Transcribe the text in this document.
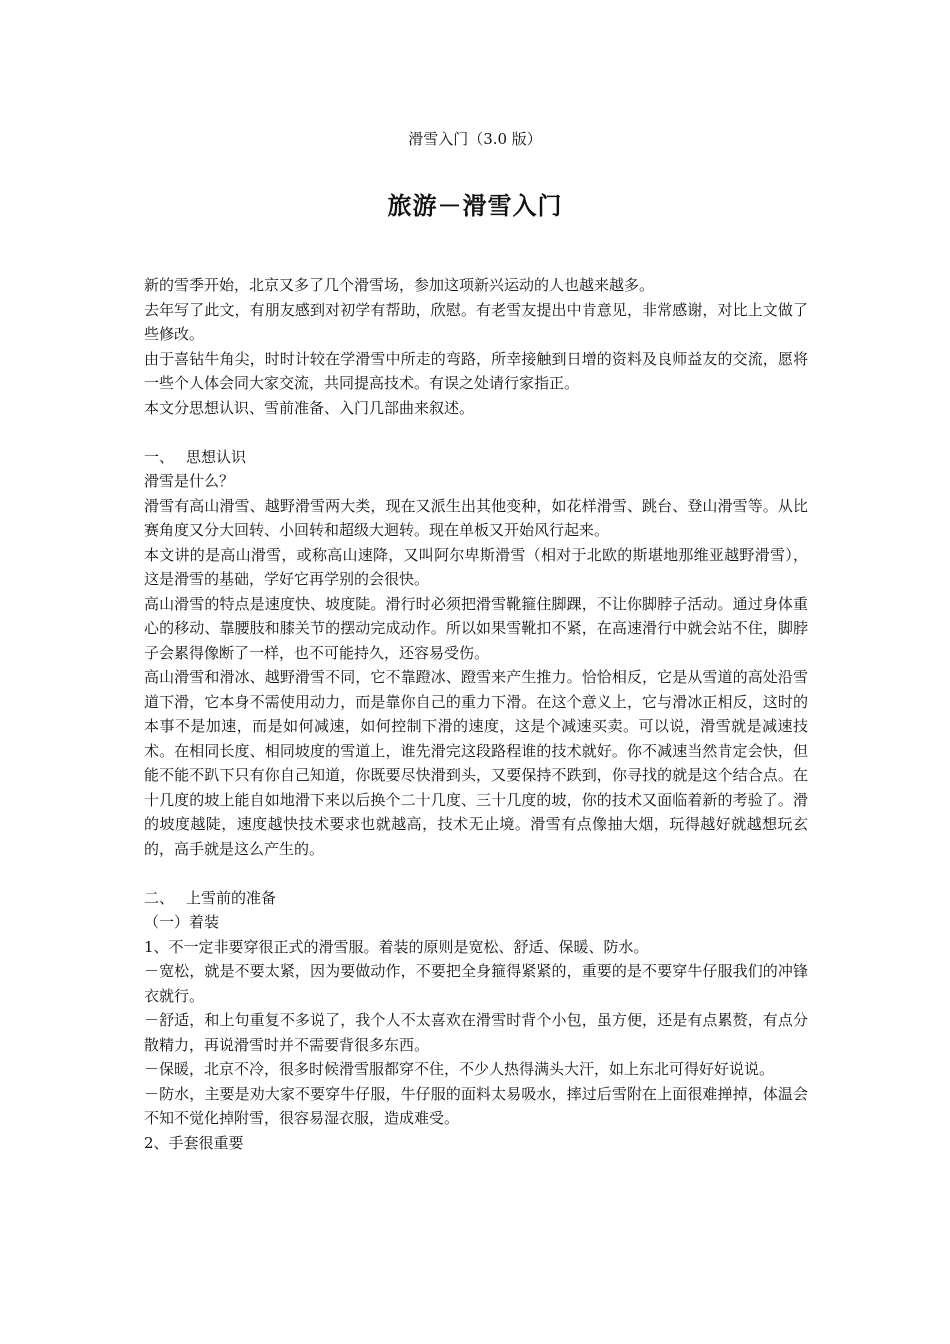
滑雪入门（3.0 版）
旅游－滑雪入门

新的雪季开始，北京又多了几个滑雪场，参加这项新兴运动的人也越来越多。

去年写了此文，有朋友感到对初学有帮助，欣慰。有老雪友提出中肯意见，非常感谢，对比上文做了些修改。

由于喜钻牛角尖，时时计较在学滑雪中所走的弯路，所幸接触到日增的资料及良师益友的交流，愿将一些个人体会同大家交流，共同提高技术。有误之处请行家指正。

本文分思想认识、雪前准备、入门几部曲来叙述。

一、 思想认识

滑雪是什么？

滑雪有高山滑雪、越野滑雪两大类，现在又派生出其他变种，如花样滑雪、跳台、登山滑雪等。从比赛角度又分大回转、小回转和超级大迴转。现在单板又开始风行起来。

本文讲的是高山滑雪，或称高山速降，又叫阿尔卑斯滑雪（相对于北欧的斯堪地那维亚越野滑雪），这是滑雪的基础，学好它再学别的会很快。

高山滑雪的特点是速度快、坡度陡。滑行时必须把滑雪靴箍住脚踝，不让你脚脖子活动。通过身体重心的移动、靠腰肢和膝关节的摆动完成动作。所以如果雪靴扣不紧，在高速滑行中就会站不住，脚脖子会累得像断了一样，也不可能持久，还容易受伤。

高山滑雪和滑冰、越野滑雪不同，它不靠蹬冰、蹬雪来产生推力。恰恰相反，它是从雪道的高处沿雪道下滑，它本身不需使用动力，而是靠你自己的重力下滑。在这个意义上，它与滑冰正相反，这时的本事不是加速，而是如何减速，如何控制下滑的速度，这是个减速买卖。可以说，滑雪就是减速技术。在相同长度、相同坡度的雪道上，谁先滑完这段路程谁的技术就好。你不减速当然肯定会快，但能不能不趴下只有你自己知道，你既要尽快滑到头，又要保持不跌到，你寻找的就是这个结合点。在十几度的坡上能自如地滑下来以后换个二十几度、三十几度的坡，你的技术又面临着新的考验了。滑的坡度越陡，速度越快技术要求也就越高，技术无止境。滑雪有点像抽大烟，玩得越好就越想玩玄的，高手就是这么产生的。

二、 上雪前的准备

（一）着装

1、不一定非要穿很正式的滑雪服。着装的原则是宽松、舒适、保暖、防水。

－宽松，就是不要太紧，因为要做动作，不要把全身箍得紧紧的，重要的是不要穿牛仔服我们的冲锋衣就行。

－舒适，和上句重复不多说了，我个人不太喜欢在滑雪时背个小包，虽方便，还是有点累赘，有点分散精力，再说滑雪时并不需要背很多东西。

－保暖，北京不冷，很多时候滑雪服都穿不住，不少人热得满头大汗，如上东北可得好好说说。

－防水，主要是劝大家不要穿牛仔服，牛仔服的面料太易吸水，摔过后雪附在上面很难掸掉，体温会不知不觉化掉附雪，很容易湿衣服，造成难受。

2、手套很重要
